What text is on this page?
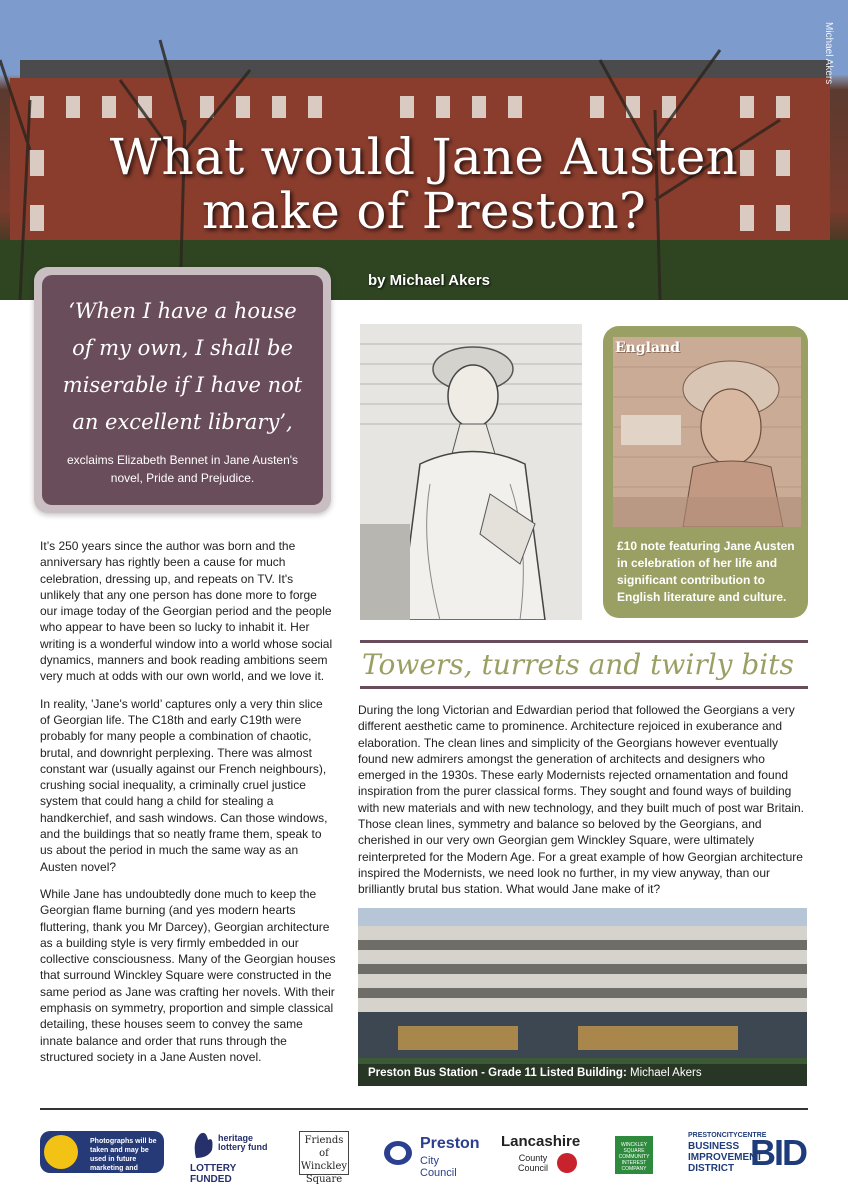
What would Jane Austen
make of Preston?
by Michael Akers
Michael Akers
‘When I have a house of my own, I shall be miserable if I have not an excellent library’,
exclaims Elizabeth Bennet in Jane Austen's novel, Pride and Prejudice.

It’s 250 years since the author was born and the anniversary has rightly been a cause for much celebration, dressing up, and repeats on TV. It's unlikely that any one person has done more to forge our image today of the Georgian period and the people who appear to have been so lucky to inhabit it. Her writing is a wonderful window into a world whose social dynamics, manners and book reading ambitions seem very much at odds with our own world, and we love it.

In reality, 'Jane's world’ captures only a very thin slice of Georgian life. The C18th and early C19th were probably for many people a combination of chaotic, brutal, and downright perplexing. There was almost constant war (usually against our French neighbours), crushing social inequality, a criminally cruel justice system that could hang a child for stealing a handkerchief, and sash windows. Can those windows, and the buildings that so neatly frame them, speak to us about the period in much the same way as an Austen novel?

While Jane has undoubtedly done much to keep the Georgian flame burning (and yes modern hearts fluttering, thank you Mr Darcey), Georgian architecture as a building style is very firmly embedded in our collective consciousness. Many of the Georgian houses that surround Winckley Square were constructed in the same period as Jane was crafting her novels. With their emphasis on symmetry, proportion and simple classical detailing, these houses seem to convey the same innate balance and order that runs through the structured society in a Jane Austen novel.

England
£10 note featuring Jane Austen in celebration of her life and significant contribution to English literature and culture.
Towers, turrets and twirly bits
During the long Victorian and Edwardian period that followed the Georgians a very different aesthetic came to prominence. Architecture rejoiced in exuberance and elaboration. The clean lines and simplicity of the Georgians however eventually found new admirers amongst the generation of architects and designers who emerged in the 1930s. These early Modernists rejected ornamentation and found inspiration from the purer classical forms. They sought and found ways of building with new materials and with new technology, and they built much of post war Britain. Those clean lines, symmetry and balance so beloved by the Georgians, and cherished in our very own Georgian gem Winckley Square, were ultimately reinterpreted for the Modern Age. For a great example of how Georgian architecture inspired the Modernists, we need look no further, in my view anyway, than our brilliantly brutal bus station. What would Jane make of it?
Preston Bus Station - Grade 11 Listed Building: Michael Akers
Photographs will be taken and may be used in future marketing and publications unless you ask us not to.
heritage lottery fund
LOTTERY FUNDED
Friends of Winckley Square
Preston
City Council
Lancashire
County Council
WINCKLEY SQUARE COMMUNITY INTEREST COMPANY
PRESTONCITYCENTRE
BUSINESS IMPROVEMENT DISTRICT BID
